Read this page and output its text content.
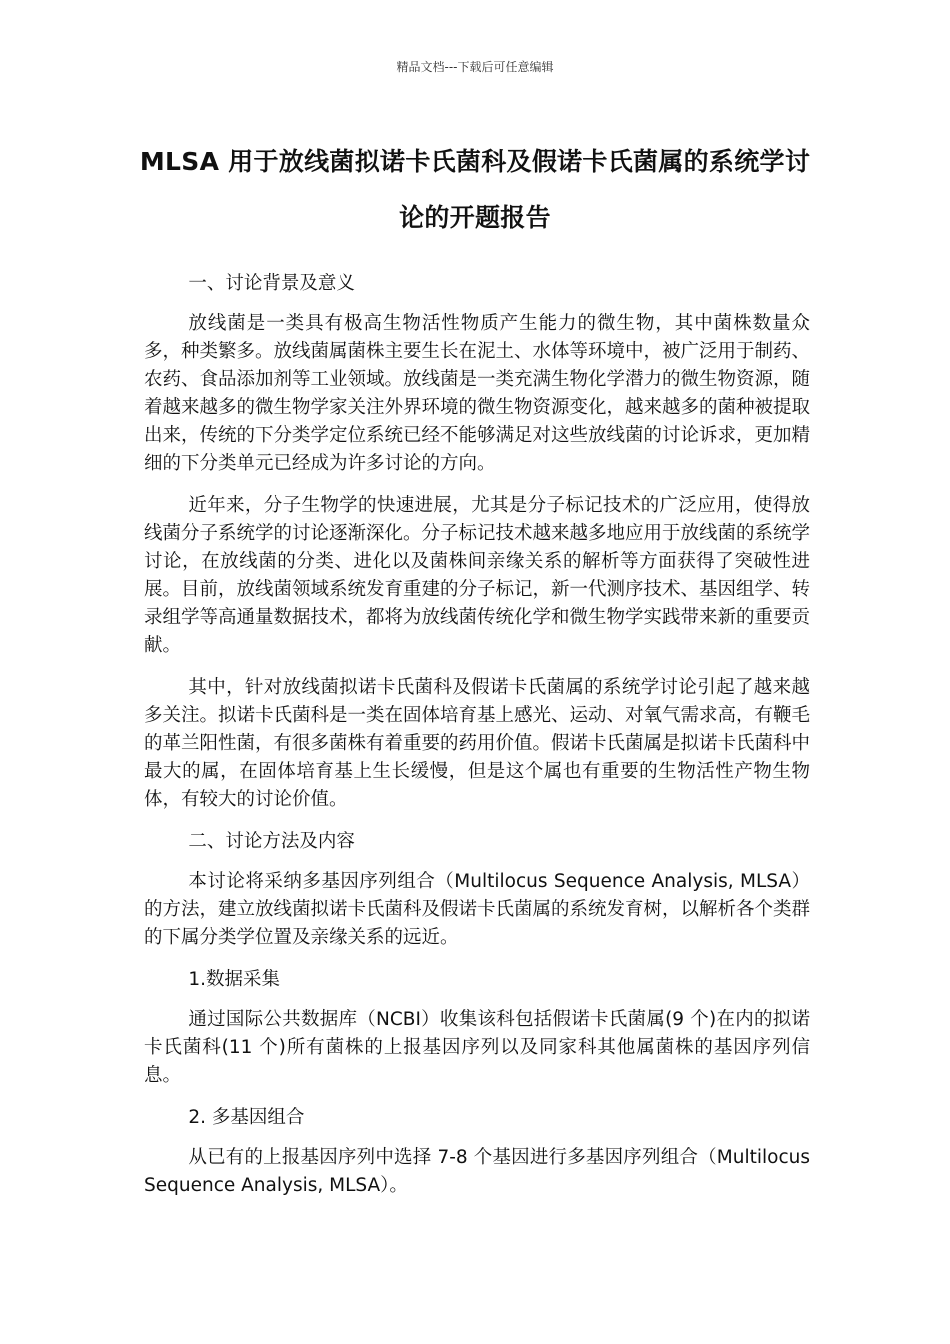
精品文档---下载后可任意编辑
MLSA 用于放线菌拟诺卡氏菌科及假诺卡氏菌属的系统学讨论的开题报告

一、讨论背景及意义

放线菌是一类具有极高生物活性物质产生能力的微生物，其中菌株数量众多，种类繁多。放线菌属菌株主要生长在泥土、水体等环境中，被广泛用于制药、农药、食品添加剂等工业领域。放线菌是一类充满生物化学潜力的微生物资源，随着越来越多的微生物学家关注外界环境的微生物资源变化，越来越多的菌种被提取出来，传统的下分类学定位系统已经不能够满足对这些放线菌的讨论诉求，更加精细的下分类单元已经成为许多讨论的方向。

近年来，分子生物学的快速进展，尤其是分子标记技术的广泛应用，使得放线菌分子系统学的讨论逐渐深化。分子标记技术越来越多地应用于放线菌的系统学讨论，在放线菌的分类、进化以及菌株间亲缘关系的解析等方面获得了突破性进展。目前，放线菌领域系统发育重建的分子标记，新一代测序技术、基因组学、转录组学等高通量数据技术，都将为放线菌传统化学和微生物学实践带来新的重要贡献。

其中，针对放线菌拟诺卡氏菌科及假诺卡氏菌属的系统学讨论引起了越来越多关注。拟诺卡氏菌科是一类在固体培育基上感光、运动、对氧气需求高，有鞭毛的革兰阳性菌，有很多菌株有着重要的药用价值。假诺卡氏菌属是拟诺卡氏菌科中最大的属，在固体培育基上生长缓慢，但是这个属也有重要的生物活性产物生物体，有较大的讨论价值。

二、讨论方法及内容

本讨论将采纳多基因序列组合（Multilocus Sequence Analysis, MLSA）的方法，建立放线菌拟诺卡氏菌科及假诺卡氏菌属的系统发育树，以解析各个类群的下属分类学位置及亲缘关系的远近。

1.数据采集

通过国际公共数据库（NCBI）收集该科包括假诺卡氏菌属(9 个)在内的拟诺卡氏菌科(11 个)所有菌株的上报基因序列以及同家科其他属菌株的基因序列信息。

2. 多基因组合

从已有的上报基因序列中选择 7-8 个基因进行多基因序列组合（Multilocus Sequence Analysis, MLSA）。
